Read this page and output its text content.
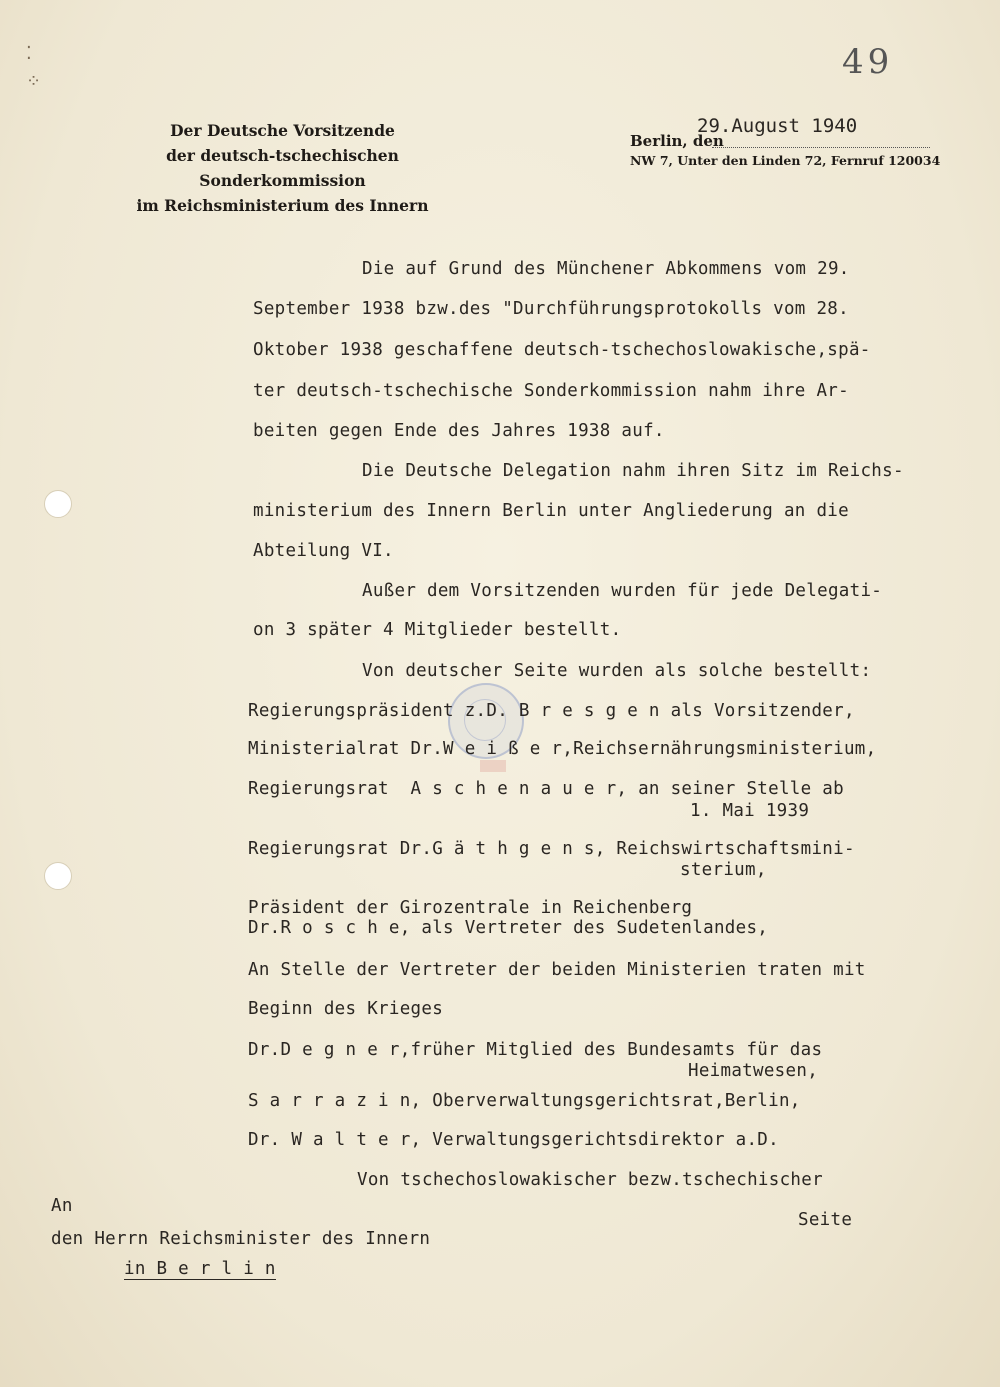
⁚
⁘	49
Der Deutsche Vorsitzende
der deutsch-tschechischen Sonderkommission
im Reichsministerium des Innern
Berlin, den
29.August 1940
NW 7, Unter den Linden 72, Fernruf 120034
Die auf Grund des Münchener Abkommens vom 29.
September 1938 bzw.des "Durchführungsprotokolls vom 28.
Oktober 1938 geschaffene deutsch-tschechoslowakische,spä-
ter deutsch-tschechische Sonderkommission nahm ihre Ar-
beiten gegen Ende des Jahres 1938 auf.
Die Deutsche Delegation nahm ihren Sitz im Reichs-
ministerium des Innern Berlin unter Angliederung an die
Abteilung VI.
Außer dem Vorsitzenden wurden für jede Delegati-
on 3 später 4 Mitglieder bestellt.
Von deutscher Seite wurden als solche bestellt:
Regierungspräsident z.D. B r e s g e n als Vorsitzender,
Ministerialrat Dr.W e i ß e r,Reichsernährungsministerium,
Regierungsrat  A s c h e n a u e r, an seiner Stelle ab
1. Mai 1939
Regierungsrat Dr.G ä t h g e n s, Reichswirtschaftsmini-
sterium,
Präsident der Girozentrale in Reichenberg
Dr.R o s c h e, als Vertreter des Sudetenlandes,
An Stelle der Vertreter der beiden Ministerien traten mit
Beginn des Krieges
Dr.D e g n e r,früher Mitglied des Bundesamts für das
Heimatwesen,
S a r r a z i n, Oberverwaltungsgerichtsrat,Berlin,
Dr. W a l t e r, Verwaltungsgerichtsdirektor a.D.
Von tschechoslowakischer bezw.tschechischer
Seite
An
den Herrn Reichsminister des Innern
in B e r l i n
